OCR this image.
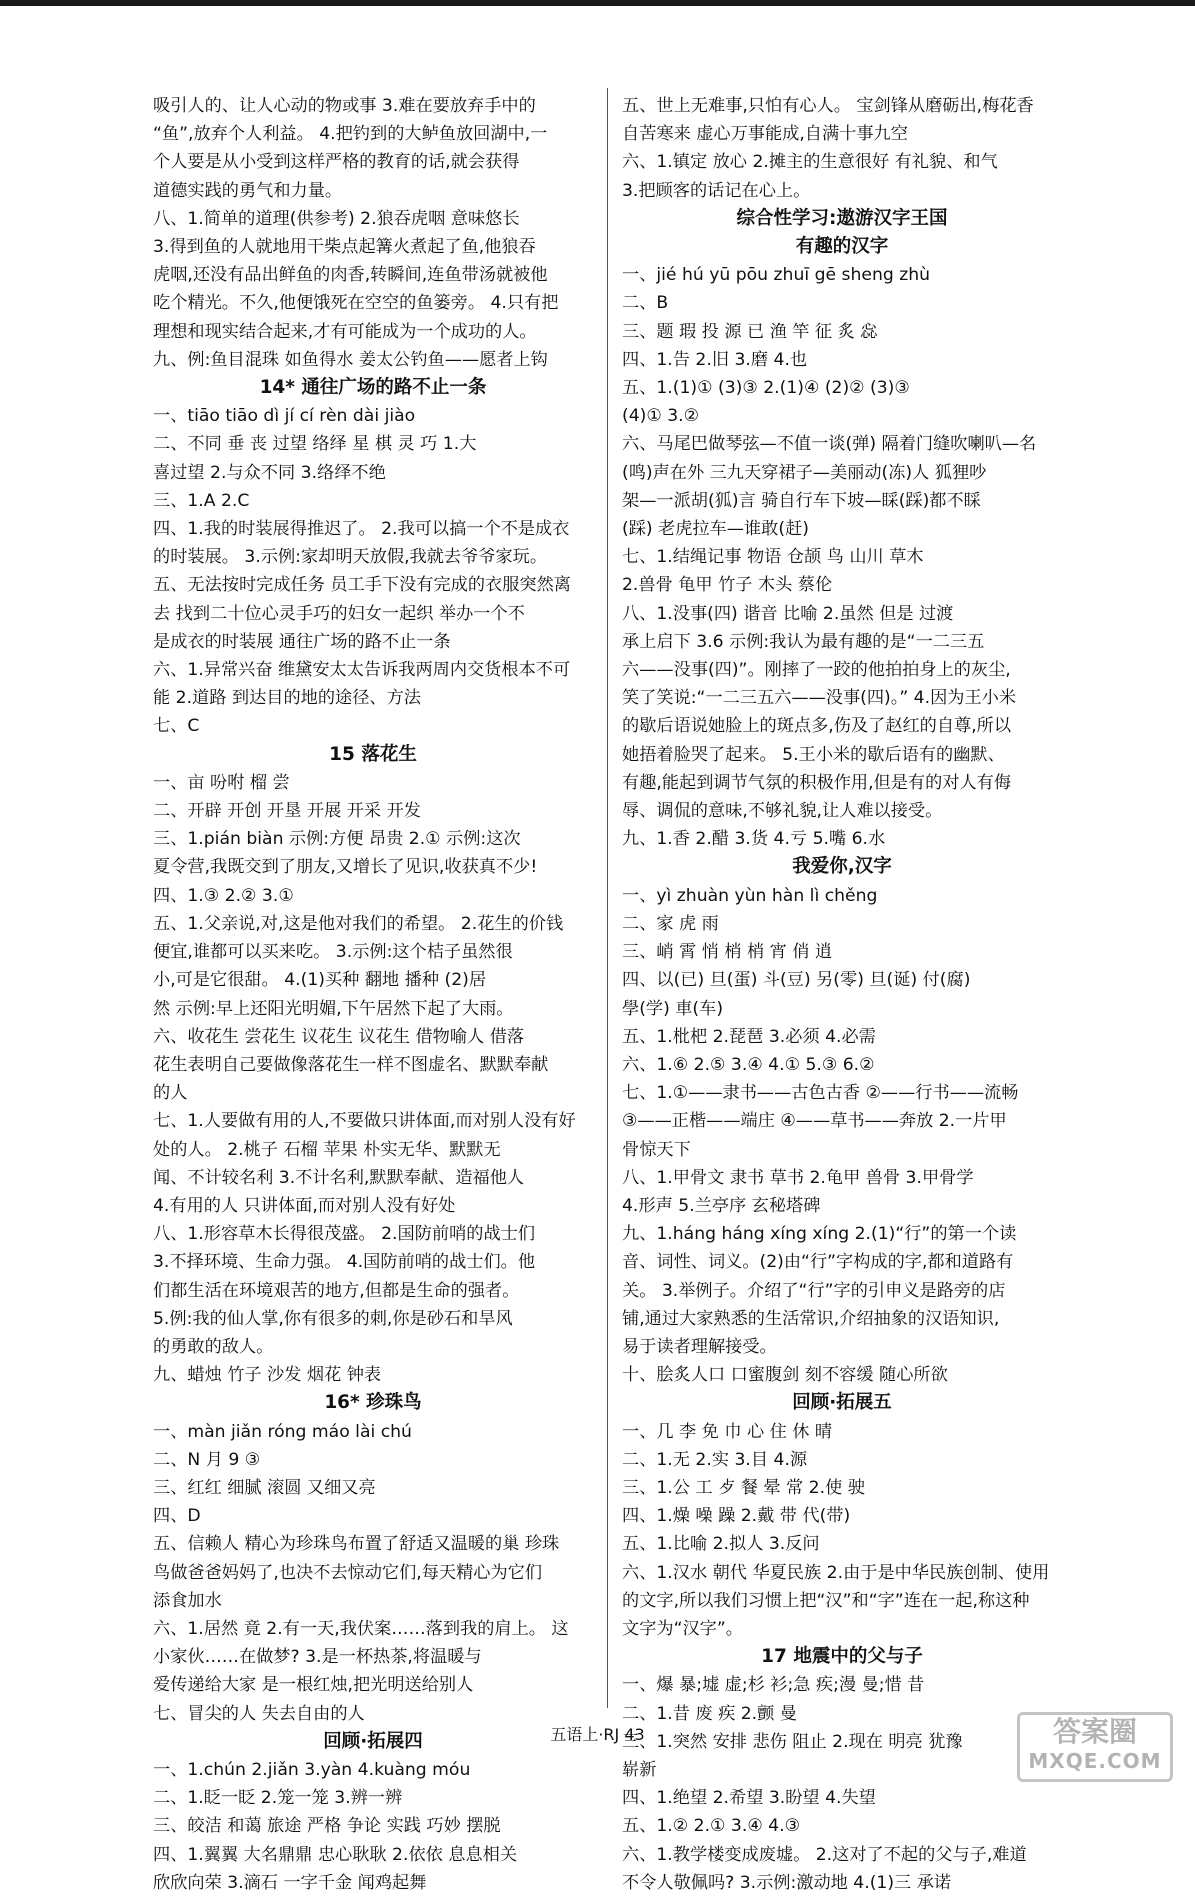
吸引人的、让人心动的物或事 3.难在要放弃手中的
“鱼”,放弃个人利益。 4.把钓到的大鲈鱼放回湖中,一
个人要是从小受到这样严格的教育的话,就会获得
道德实践的勇气和力量。
八、1.简单的道理(供参考) 2.狼吞虎咽 意味悠长
3.得到鱼的人就地用干柴点起篝火煮起了鱼,他狼吞
虎咽,还没有品出鲜鱼的肉香,转瞬间,连鱼带汤就被他
吃个精光。不久,他便饿死在空空的鱼篓旁。 4.只有把
理想和现实结合起来,才有可能成为一个成功的人。
九、例:鱼目混珠 如鱼得水 姜太公钓鱼——愿者上钩
14* 通往广场的路不止一条
一、tiāo tiāo dì jí cí rèn dài jiào
二、不同 垂 丧 过望 络绎 星 棋 灵 巧 1.大
喜过望 2.与众不同 3.络绎不绝
三、1.A 2.C
四、1.我的时装展得推迟了。 2.我可以搞一个不是成衣
的时装展。 3.示例:家却明天放假,我就去爷爷家玩。
五、无法按时完成任务 员工手下没有完成的衣服突然离
去 找到二十位心灵手巧的妇女一起织 举办一个不
是成衣的时装展 通往广场的路不止一条
六、1.异常兴奋 维黛安太太告诉我两周内交货根本不可
能 2.道路 到达目的地的途径、方法
七、C
15 落花生
一、亩 吩咐 榴 尝
二、开辟 开创 开垦 开展 开采 开发
三、1.pián biàn 示例:方便 昂贵 2.① 示例:这次
夏令营,我既交到了朋友,又增长了见识,收获真不少!
四、1.③ 2.② 3.①
五、1.父亲说,对,这是他对我们的希望。 2.花生的价钱
便宜,谁都可以买来吃。 3.示例:这个桔子虽然很
小,可是它很甜。 4.(1)买种 翻地 播种 (2)居
然 示例:早上还阳光明媚,下午居然下起了大雨。
六、收花生 尝花生 议花生 议花生 借物喻人 借落
花生表明自己要做像落花生一样不图虚名、默默奉献
的人
七、1.人要做有用的人,不要做只讲体面,而对别人没有好
处的人。 2.桃子 石榴 苹果 朴实无华、默默无
闻、不计较名利 3.不计名利,默默奉献、造福他人
4.有用的人 只讲体面,而对别人没有好处
八、1.形容草木长得很茂盛。 2.国防前哨的战士们
3.不择环境、生命力强。 4.国防前哨的战士们。他
们都生活在环境艰苦的地方,但都是生命的强者。
5.例:我的仙人掌,你有很多的刺,你是砂石和旱风
的勇敢的敌人。
九、蜡烛 竹子 沙发 烟花 钟表
16* 珍珠鸟
一、màn jiǎn róng máo lài chú
二、N 月 9 ③
三、红红 细腻 滚圆 又细又亮
四、D
五、信赖人 精心为珍珠鸟布置了舒适又温暖的巢 珍珠
鸟做爸爸妈妈了,也决不去惊动它们,每天精心为它们
添食加水
六、1.居然 竟 2.有一天,我伏案……落到我的肩上。 这
小家伙……在做梦? 3.是一杯热茶,将温暖与
爱传递给大家 是一根红烛,把光明送给别人
七、冒尖的人 失去自由的人
回顾·拓展四
一、1.chún 2.jiǎn 3.yàn 4.kuàng móu
二、1.眨一眨 2.笼一笼 3.辨一辨
三、皎洁 和蔼 旅途 严格 争论 实践 巧妙 摆脱
四、1.翼翼 大名鼎鼎 忠心耿耿 2.依依 息息相关
欣欣向荣 3.滴石 一字千金 闻鸡起舞
五、世上无难事,只怕有心人。 宝剑锋从磨砺出,梅花香
自苦寒来 虚心万事能成,自满十事九空
六、1.镇定 放心 2.摊主的生意很好 有礼貌、和气
3.把顾客的话记在心上。
综合性学习:遨游汉字王国
有趣的汉字
一、jié hú yū pōu zhuī gē sheng zhù
二、B
三、题 瑕 投 源 已 渔 竿 征 炙 惢
四、1.告 2.旧 3.磨 4.也
五、1.(1)① (3)③ 2.(1)④ (2)② (3)③
(4)① 3.②
六、马尾巴做琴弦—不值一谈(弹) 隔着门缝吹喇叭—名
(鸣)声在外 三九天穿裙子—美丽动(冻)人 狐狸吵
架—一派胡(狐)言 骑自行车下坡—睬(踩)都不睬
(踩) 老虎拉车—谁敢(赶)
七、1.结绳记事 物语 仓颉 鸟 山川 草木
2.兽骨 龟甲 竹子 木头 蔡伦
八、1.没事(四) 谐音 比喻 2.虽然 但是 过渡
承上启下 3.6 示例:我认为最有趣的是“一二三五
六——没事(四)”。刚摔了一跤的他拍拍身上的灰尘,
笑了笑说:“一二三五六——没事(四)。” 4.因为王小米
的歇后语说她脸上的斑点多,伤及了赵红的自尊,所以
她捂着脸哭了起来。 5.王小米的歇后语有的幽默、
有趣,能起到调节气氛的积极作用,但是有的对人有侮
辱、调侃的意味,不够礼貌,让人难以接受。
九、1.香 2.醋 3.货 4.亏 5.嘴 6.水
我爱你,汉字
一、yì zhuàn yùn hàn lì chěng
二、家 虎 雨
三、峭 霄 悄 梢 梢 宵 俏 逍
四、以(已) 旦(蛋) 斗(豆) 另(零) 旦(诞) 付(腐)
學(学) 車(车)
五、1.枇杷 2.琵琶 3.必须 4.必需
六、1.⑥ 2.⑤ 3.④ 4.① 5.③ 6.②
七、1.①——隶书——古色古香 ②——行书——流畅
③——正楷——端庄 ④——草书——奔放 2.一片甲
骨惊天下
八、1.甲骨文 隶书 草书 2.龟甲 兽骨 3.甲骨学
4.形声 5.兰亭序 玄秘塔碑
九、1.háng háng xíng xíng 2.(1)“行”的第一个读
音、词性、词义。(2)由“行”字构成的字,都和道路有
关。 3.举例子。介绍了“行”字的引申义是路旁的店
铺,通过大家熟悉的生活常识,介绍抽象的汉语知识,
易于读者理解接受。
十、脍炙人口 口蜜腹剑 刻不容缓 随心所欲
回顾·拓展五
一、几 李 免 巾 心 住 休 晴
二、1.无 2.实 3.目 4.源
三、1.公 工 歺 餐 晕 常 2.使 驶
四、1.燥 噪 躁 2.戴 带 代(带)
五、1.比喻 2.拟人 3.反问
六、1.汉水 朝代 华夏民族 2.由于是中华民族创制、使用
的文字,所以我们习惯上把“汉”和“字”连在一起,称这种
文字为“汉字”。
17 地震中的父与子
一、爆 暴;墟 虚;杉 衫;急 疾;漫 曼;惜 昔
二、1.昔 废 疾 2.颤 曼
三、1.突然 安排 悲伤 阻止 2.现在 明亮 犹豫
崭新
四、1.绝望 2.希望 3.盼望 4.失望
五、1.② 2.① 3.④ 4.③
六、1.教学楼变成废墟。 2.这对了不起的父与子,难道
不令人敬佩吗? 3.示例:激动地 4.(1)三 承诺
五语上·RJ 43	答案圈
MXQE.COM
